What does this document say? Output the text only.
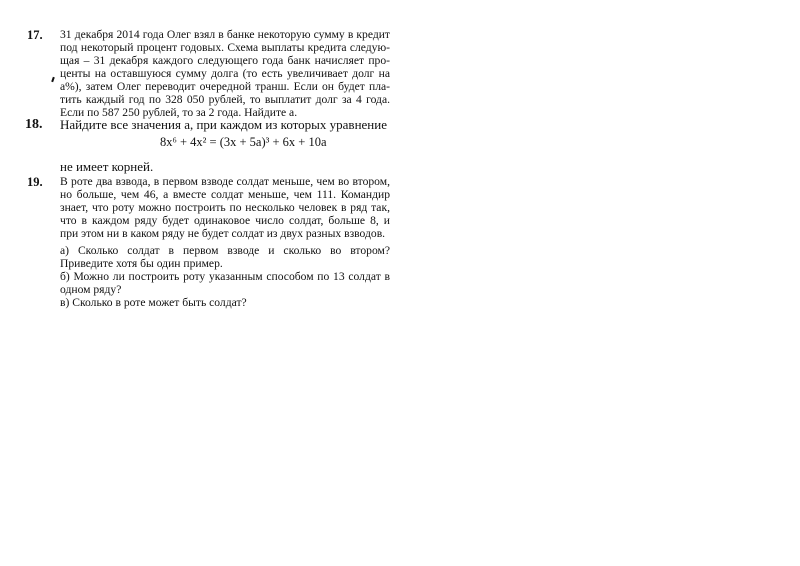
17. 31 декабря 2014 года Олег взял в банке некоторую сумму в кредит
под некоторый процент годовых. Схема выплаты кредита следую-
щая – 31 декабря каждого следующего года банк начисляет про-
центы на оставшуюся сумму долга (то есть увеличивает долг на
a%), затем Олег переводит очередной транш. Если он будет пла-
тить каждый год по 328 050 рублей, то выплатит долг за 4 года.
Если по 587 250 рублей, то за 2 года. Найдите a.
18. Найдите все значения a, при каждом из которых уравнение
8x⁶ + 4x² = (3x + 5a)³ + 6x + 10a
не имеет корней.
19. В роте два взвода, в первом взводе солдат меньше, чем во втором,
но больше, чем 46, а вместе солдат меньше, чем 111. Командир
знает, что роту можно построить по несколько человек в ряд так,
что в каждом ряду будет одинаковое число солдат, больше 8, и
при этом ни в каком ряду не будет солдат из двух разных взводов.
а) Сколько солдат в первом взводе и сколько во втором?
Приведите хотя бы один пример.
б) Можно ли построить роту указанным способом по 13 солдат в
одном ряду?
в) Сколько в роте может быть солдат?
